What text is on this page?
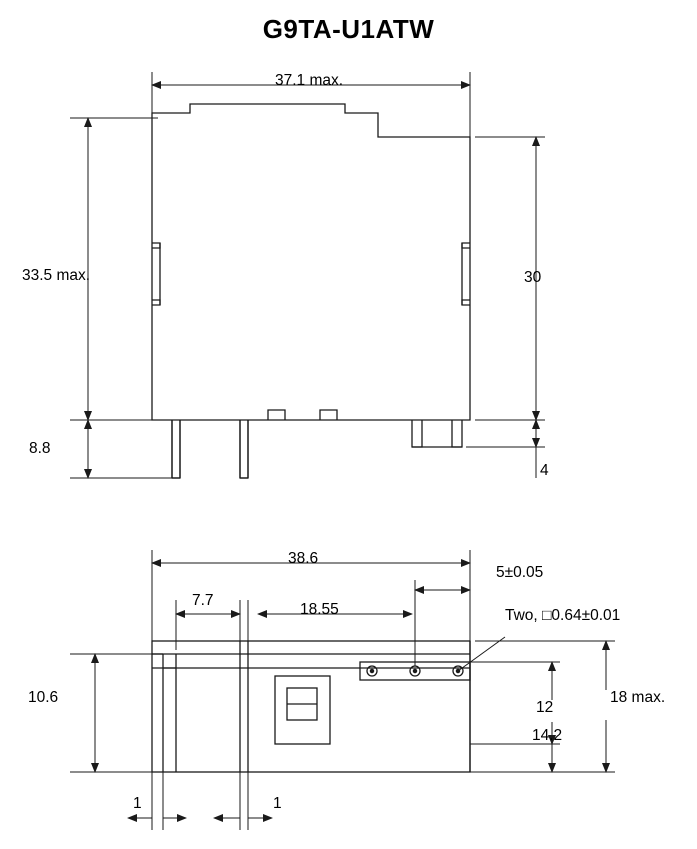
G9TA-U1ATW
37.1 max.
33.5 max.	30
8.8
4
38.6
5±0.05
7.7
18.55	Two, □0.64±0.01
10.6
12
14.2
18 max.
1	1
